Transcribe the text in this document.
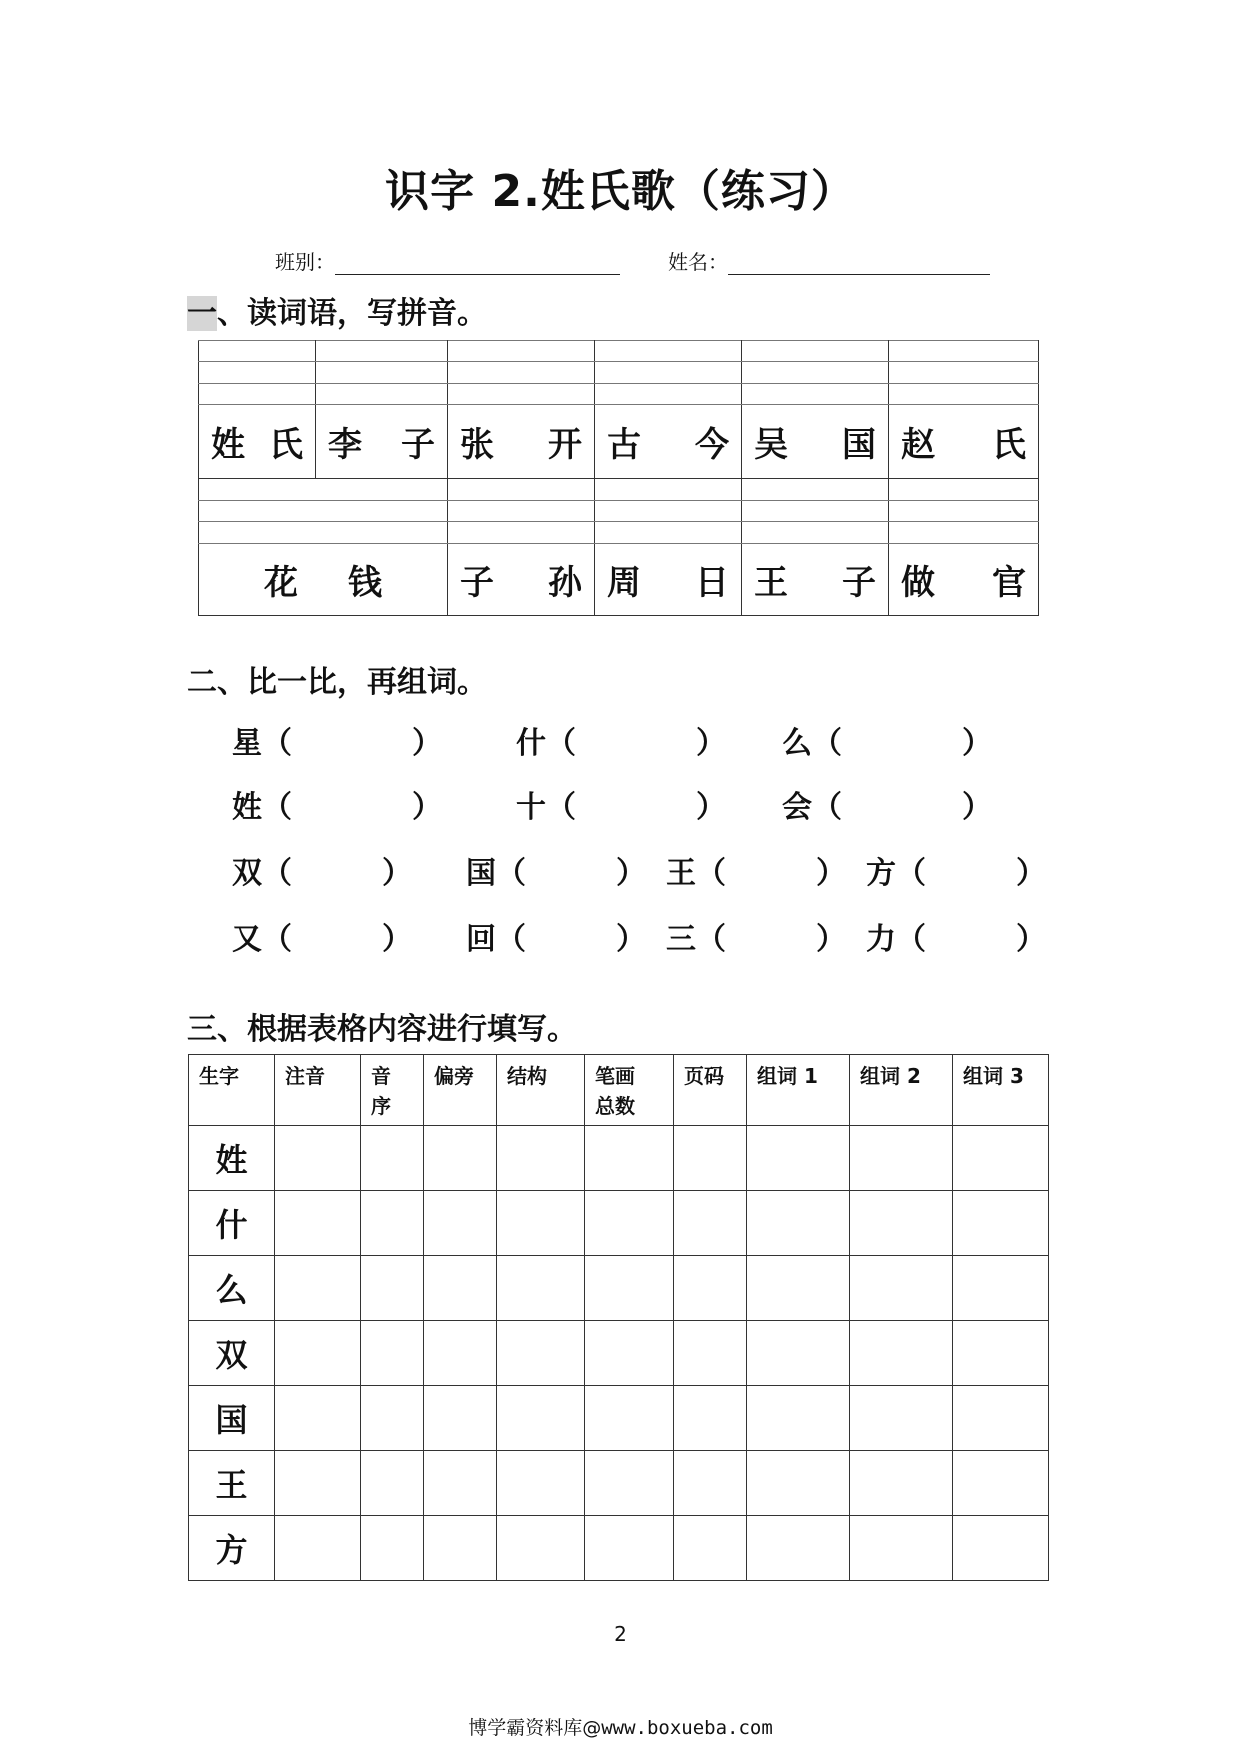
识字 2.姓氏歌（练习）
班别：	姓名：
一、读词语，写拼音。

姓 氏	李 子	张 开	古 今	吴 国	赵 氏

花 钱		子 孙	周 日	王 子	做 官
二、比一比，再组词。
星（　　　　） 什（　　　　） 么（　　　　）
姓（　　　　） 十（　　　　） 会（　　　　）
双（　　　） 国（　　　） 王（　　　） 方（　　　）
又（　　　） 回（　　　） 三（　　　） 力（　　　）
三、根据表格内容进行填写。
生字	注音	音序	偏旁	结构	笔画总数	页码	组词 1	组词 2	组词 3
姓									
什									
么									
双									
国									
王									
方									
2
博学霸资料库@www.boxueba.com
